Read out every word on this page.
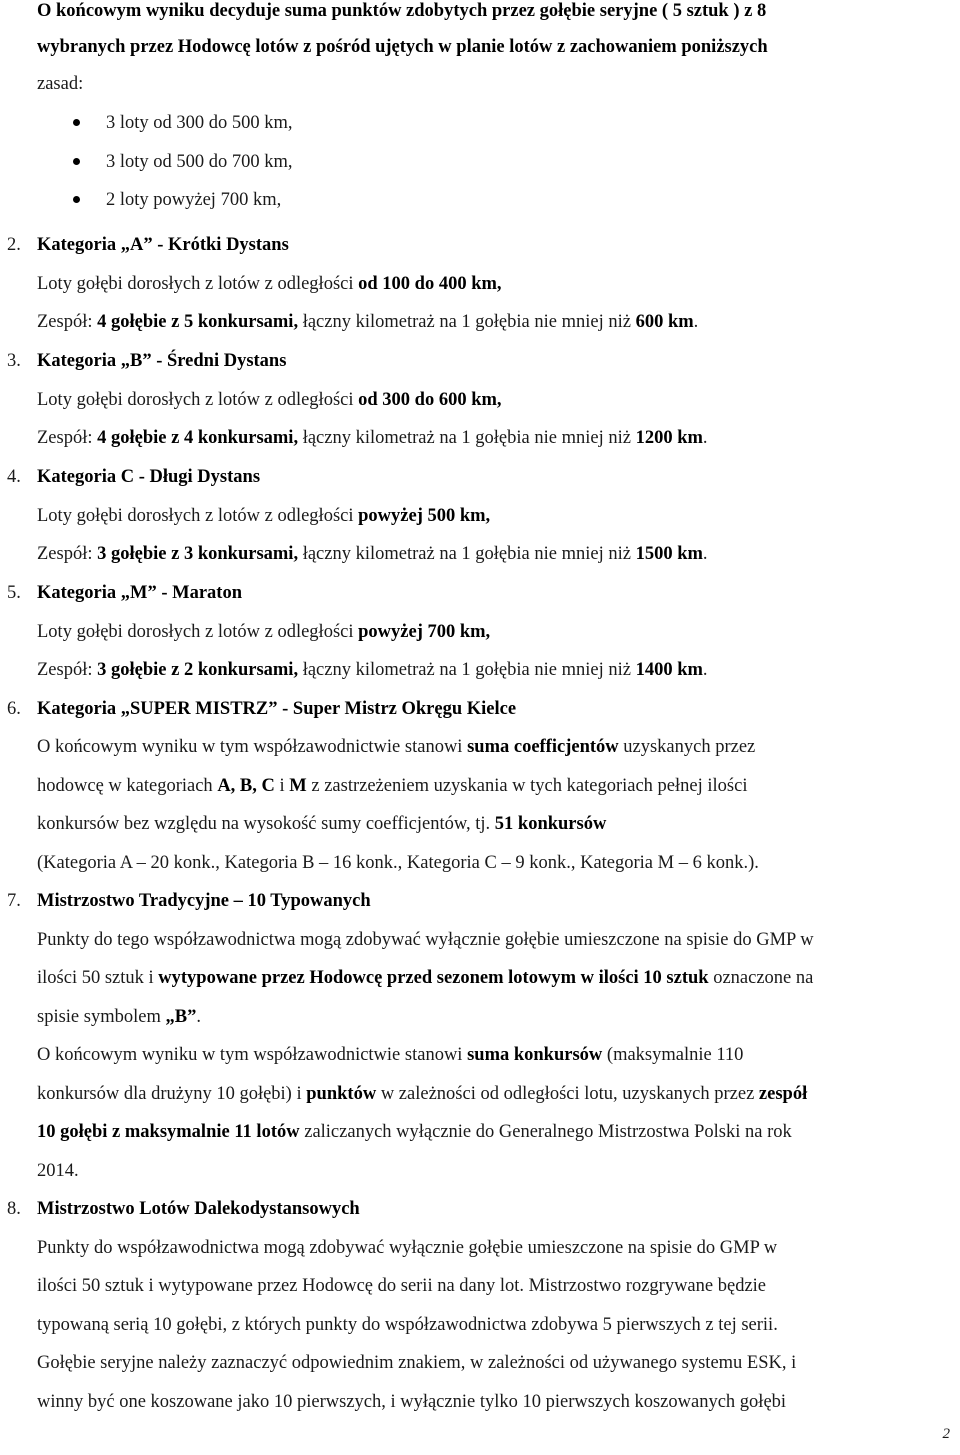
O końcowym wyniku decyduje suma punktów zdobytych przez gołębie seryjne ( 5 sztuk ) z 8
wybranych przez Hodowcę lotów z pośród ujętych w planie lotów z zachowaniem poniższych
zasad:
3 loty od 300 do 500 km,
3 loty od 500 do 700 km,
2 loty powyżej 700 km,
2. Kategoria „A” - Krótki Dystans
Loty gołębi dorosłych z lotów z odległości od 100 do 400 km,
Zespół: 4 gołębie z 5 konkursami, łączny kilometraż na 1 gołębia nie mniej niż 600 km.
3. Kategoria „B” - Średni Dystans
Loty gołębi dorosłych z lotów z odległości od 300 do 600 km,
Zespół: 4 gołębie z 4 konkursami, łączny kilometraż na 1 gołębia nie mniej niż 1200 km.
4. Kategoria C - Długi Dystans
Loty gołębi dorosłych z lotów z odległości powyżej 500 km,
Zespół: 3 gołębie z 3 konkursami, łączny kilometraż na 1 gołębia nie mniej niż 1500 km.
5. Kategoria „M” - Maraton
Loty gołębi dorosłych z lotów z odległości powyżej 700 km,
Zespół: 3 gołębie z 2 konkursami, łączny kilometraż na 1 gołębia nie mniej niż 1400 km.
6. Kategoria „SUPER MISTRZ” - Super Mistrz Okręgu Kielce
O końcowym wyniku w tym współzawodnictwie stanowi suma coefficjentów uzyskanych przez
hodowcę w kategoriach A, B, C i M z zastrzeżeniem uzyskania w tych kategoriach pełnej ilości
konkursów bez względu na wysokość sumy coefficjentów, tj. 51 konkursów
(Kategoria A – 20 konk., Kategoria B – 16 konk., Kategoria C – 9 konk., Kategoria M – 6 konk.).
7. Mistrzostwo Tradycyjne – 10 Typowanych
Punkty do tego współzawodnictwa mogą zdobywać wyłącznie gołębie umieszczone na spisie do GMP w
ilości 50 sztuk i wytypowane przez Hodowcę przed sezonem lotowym w ilości 10 sztuk oznaczone na
spisie symbolem „B”.
O końcowym wyniku w tym współzawodnictwie stanowi suma konkursów (maksymalnie 110
konkursów dla drużyny 10 gołębi) i punktów w zależności od odległości lotu, uzyskanych przez zespół
10 gołębi z maksymalnie 11 lotów zaliczanych wyłącznie do Generalnego Mistrzostwa Polski na rok
2014.
8. Mistrzostwo Lotów Dalekodystansowych
Punkty do współzawodnictwa mogą zdobywać wyłącznie gołębie umieszczone na spisie do GMP w
ilości 50 sztuk i wytypowane przez Hodowcę do serii na dany lot. Mistrzostwo rozgrywane będzie
typowaną serią 10 gołębi, z których punkty do współzawodnictwa zdobywa 5 pierwszych z tej serii.
Gołębie seryjne należy zaznaczyć odpowiednim znakiem, w zależności od używanego systemu ESK, i
winny być one koszowane jako 10 pierwszych, i wyłącznie tylko 10 pierwszych koszowanych gołębi
2
